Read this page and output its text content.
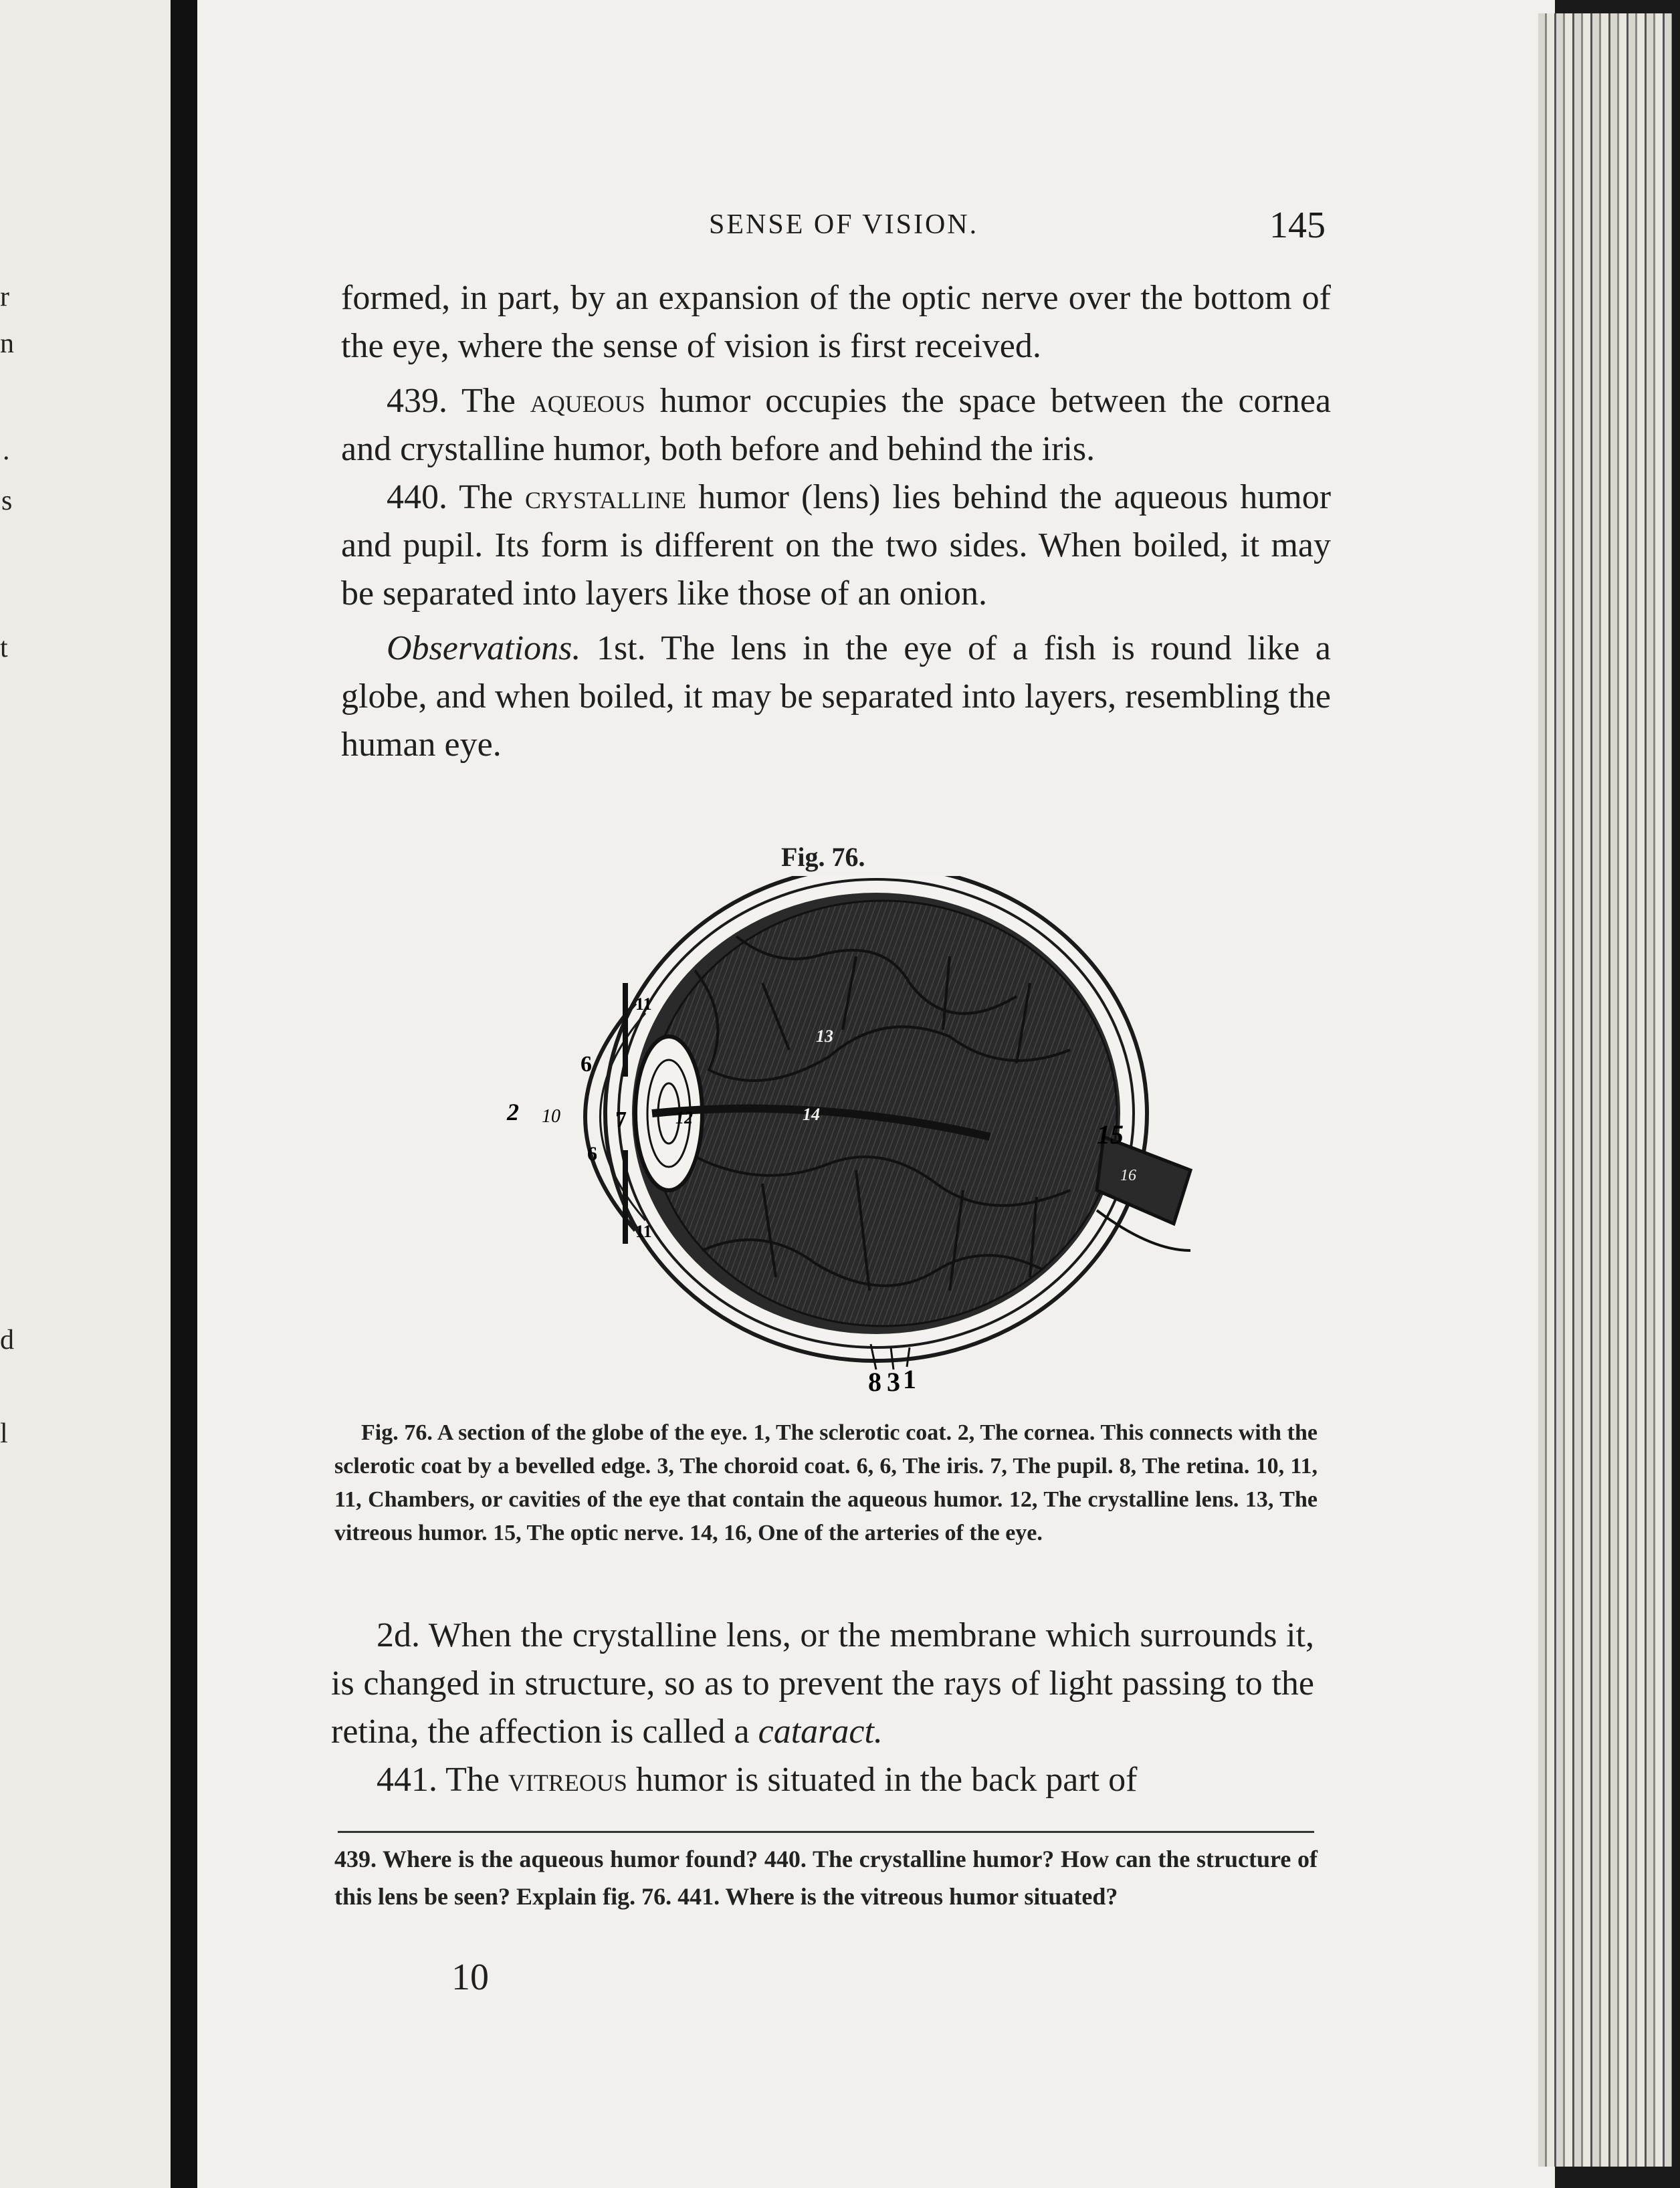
r
n
.
s
t
d
l
SENSE OF VISION.	145

formed, in part, by an expansion of the optic nerve over the bottom of the eye, where the sense of vision is first received.

439. The aqueous humor occupies the space between the cornea and crystalline humor, both before and behind the iris.

440. The crystalline humor (lens) lies behind the aqueous humor and pupil. Its form is different on the two sides. When boiled, it may be separated into layers like those of an onion.

Observations. 1st. The lens in the eye of a fish is round like a globe, and when boiled, it may be separated into layers, resembling the human eye.

Fig. 76.
2 10
6
6
7
11
11
12
13
14
15
16
8 3 1
Fig. 76. A section of the globe of the eye. 1, The sclerotic coat. 2, The cornea. This connects with the sclerotic coat by a bevelled edge. 3, The choroid coat. 6, 6, The iris. 7, The pupil. 8, The retina. 10, 11, 11, Chambers, or cavities of the eye that contain the aqueous humor. 12, The crystalline lens. 13, The vitreous humor. 15, The optic nerve. 14, 16, One of the arteries of the eye.

2d. When the crystalline lens, or the membrane which surrounds it, is changed in structure, so as to prevent the rays of light passing to the retina, the affection is called a cataract.

441. The vitreous humor is situated in the back part of

439. Where is the aqueous humor found? 440. The crystalline humor? How can the structure of this lens be seen? Explain fig. 76. 441. Where is the vitreous humor situated?

10
